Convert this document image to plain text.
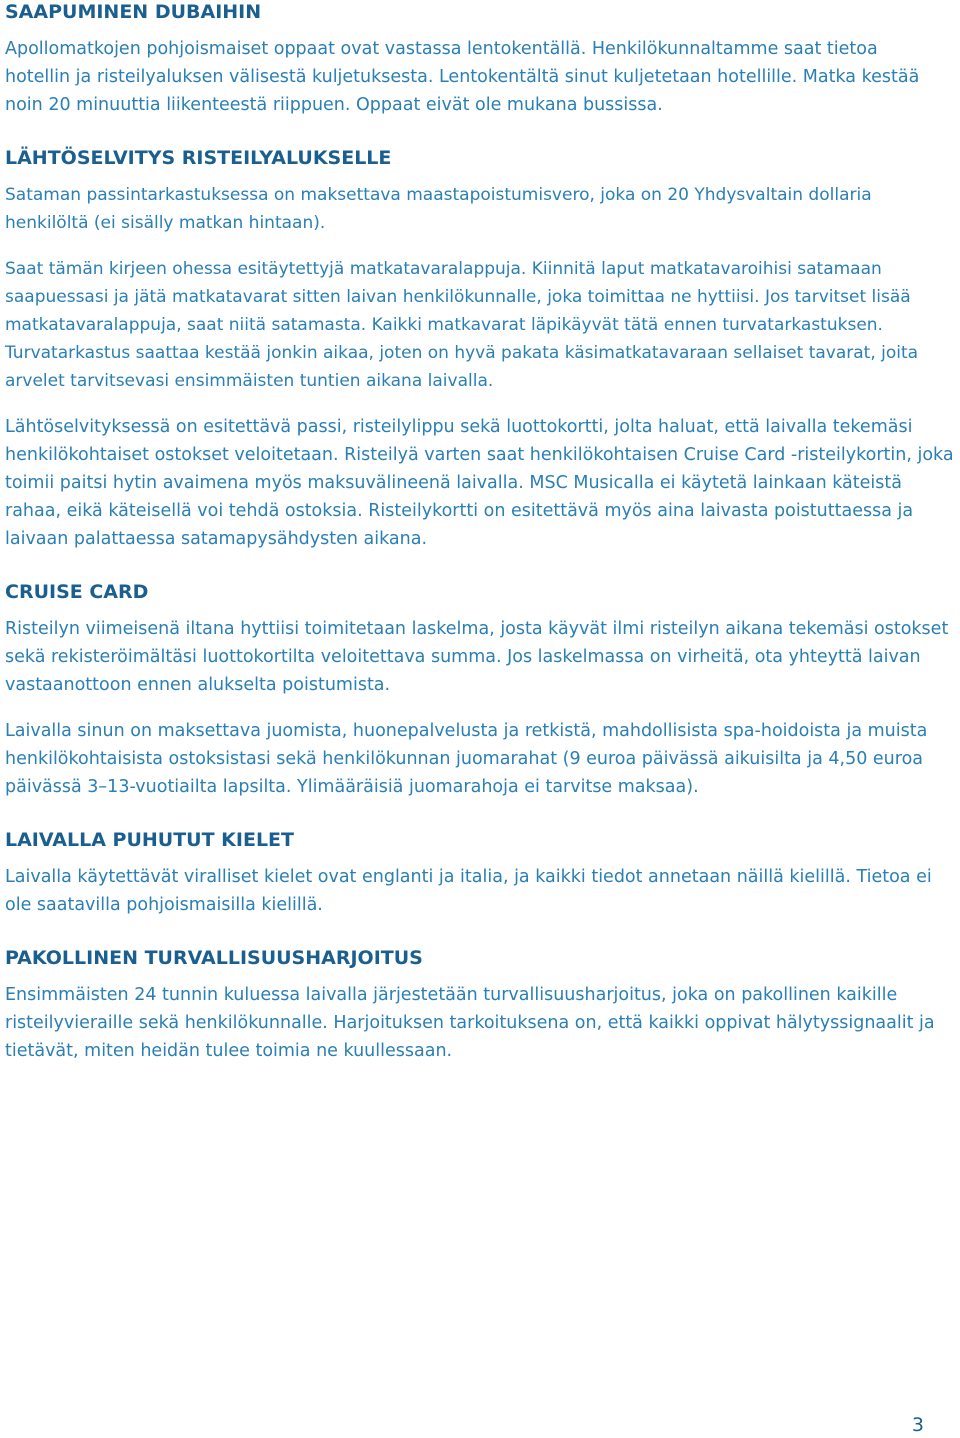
SAAPUMINEN DUBAIHIN

Apollomatkojen pohjoismaiset oppaat ovat vastassa lentokentällä. Henkilökunnaltamme saat tietoa hotellin ja risteilyaluksen välisestä kuljetuksesta. Lentokentältä sinut kuljetetaan hotellille. Matka kestää noin 20 minuuttia liikenteestä riippuen. Oppaat eivät ole mukana bussissa.

LÄHTÖSELVITYS RISTEILYALUKSELLE

Sataman passintarkastuksessa on maksettava maastapoistumisvero, joka on 20 Yhdysvaltain dollaria henkilöltä (ei sisälly matkan hintaan).

Saat tämän kirjeen ohessa esitäytettyjä matkatavaralappuja. Kiinnitä laput matkatavaroihisi satamaan saapuessasi ja jätä matkatavarat sitten laivan henkilökunnalle, joka toimittaa ne hyttiisi. Jos tarvitset lisää matkatavaralappuja, saat niitä satamasta. Kaikki matkavarat läpikäyvät tätä ennen turvatarkastuksen. Turvatarkastus saattaa kestää jonkin aikaa, joten on hyvä pakata käsimatkatavaraan sellaiset tavarat, joita arvelet tarvitsevasi ensimmäisten tuntien aikana laivalla.

Lähtöselvityksessä on esitettävä passi, risteilylippu sekä luottokortti, jolta haluat, että laivalla tekemäsi henkilökohtaiset ostokset veloitetaan. Risteilyä varten saat henkilökohtaisen Cruise Card -risteilykortin, joka toimii paitsi hytin avaimena myös maksuvälineenä laivalla. MSC Musicalla ei käytetä lainkaan käteistä rahaa, eikä käteisellä voi tehdä ostoksia. Risteilykortti on esitettävä myös aina laivasta poistuttaessa ja laivaan palattaessa satamapysähdysten aikana.

CRUISE CARD

Risteilyn viimeisenä iltana hyttiisi toimitetaan laskelma, josta käyvät ilmi risteilyn aikana tekemäsi ostokset sekä rekisteröimältäsi luottokortilta veloitettava summa. Jos laskelmassa on virheitä, ota yhteyttä laivan vastaanottoon ennen alukselta poistumista.

Laivalla sinun on maksettava juomista, huonepalvelusta ja retkistä, mahdollisista spa-hoidoista ja muista henkilökohtaisista ostoksistasi sekä henkilökunnan juomarahat (9 euroa päivässä aikuisilta ja 4,50 euroa päivässä 3–13-vuotiailta lapsilta. Ylimääräisiä juomarahoja ei tarvitse maksaa).

LAIVALLA PUHUTUT KIELET

Laivalla käytettävät viralliset kielet ovat englanti ja italia, ja kaikki tiedot annetaan näillä kielillä. Tietoa ei ole saatavilla pohjoismaisilla kielillä.

PAKOLLINEN TURVALLISUUSHARJOITUS

Ensimmäisten 24 tunnin kuluessa laivalla järjestetään turvallisuusharjoitus, joka on pakollinen kaikille risteilyvieraille sekä henkilökunnalle. Harjoituksen tarkoituksena on, että kaikki oppivat hälytyssignaalit ja tietävät, miten heidän tulee toimia ne kuullessaan.

3
